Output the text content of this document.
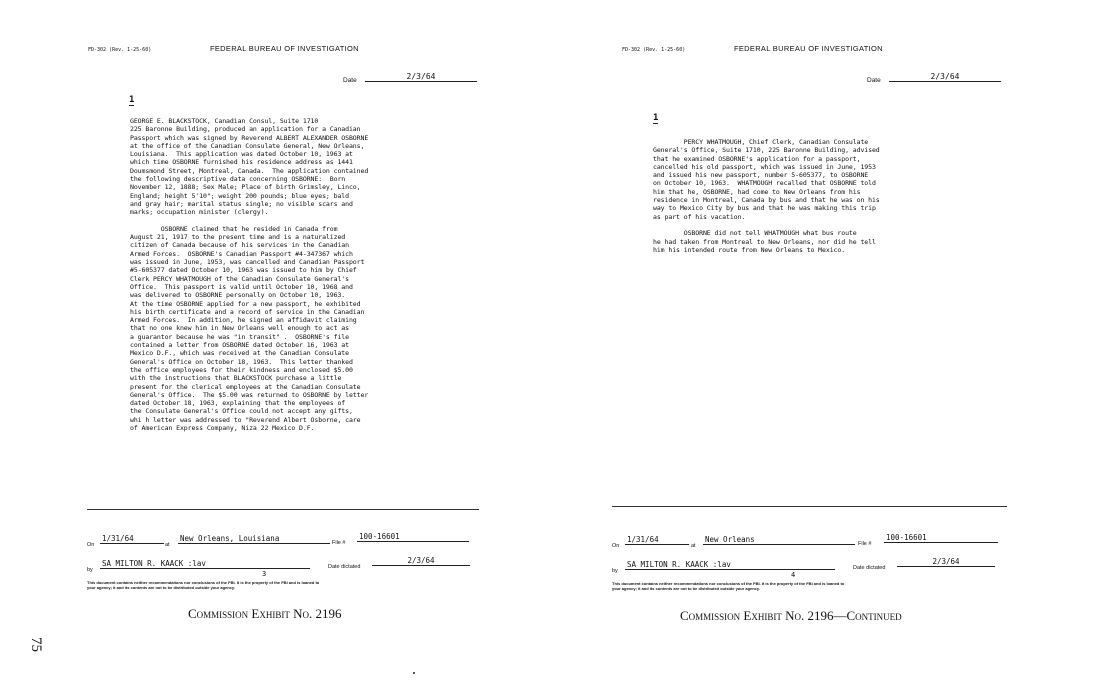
FD-302 (Rev. 1-25-60)	FEDERAL BUREAU OF INVESTIGATION
Date	2/3/64
1
GEORGE E. BLACKSTOCK, Canadian Consul, Suite 1710
225 Baronne Building, produced an application for a Canadian
Passport which was signed by Reverend ALBERT ALEXANDER OSBORNE
at the office of the Canadian Consulate General, New Orleans,
Louisiana.  This application was dated October 10, 1963 at
which time OSBORNE furnished his residence address as 1441
Doumsmond Street, Montreal, Canada.  The application contained
the following descriptive data concerning OSBORNE:  Born
November 12, 1888; Sex Male; Place of birth Grimsley, Linco,
England; height 5'10"; weight 200 pounds; blue eyes; bald
and gray hair; marital status single; no visible scars and
marks; occupation minister (clergy).

OSBORNE claimed that he resided in Canada from
August 21, 1917 to the present time and is a naturalized
citizen of Canada because of his services in the Canadian
Armed Forces.  OSBORNE's Canadian Passport #4-347367 which
was issued in June, 1953, was cancelled and Canadian Passport
#5-605377 dated October 10, 1963 was issued to him by Chief
Clerk PERCY WHATMOUGH of the Canadian Consulate General's
Office.  This passport is valid until October 10, 1968 and
was delivered to OSBORNE personally on October 10, 1963.
At the time OSBORNE applied for a new passport, he exhibited
his birth certificate and a record of service in the Canadian
Armed Forces.  In addition, he signed an affidavit claiming
that no one knew him in New Orleans well enough to act as
a guarantor because he was "in transit" .  OSBORNE's file
contained a letter from OSBORNE dated October 16, 1963 at
Mexico D.F., which was received at the Canadian Consulate
General's Office on October 18, 1963.  This letter thanked
the office employees for their kindness and enclosed $5.00
with the instructions that BLACKSTOCK purchase a little
present for the clerical employees at the Canadian Consulate
General's Office.  The $5.00 was returned to OSBORNE by letter
dated October 18, 1963, explaining that the employees of
the Consulate General's Office could not accept any gifts,
whi h letter was addressed to "Reverend Albert Osborne, care
of American Express Company, Niza 22 Mexico D.F.
On
1/31/64
at
New Orleans, Louisiana	File #
100-16601
by
SA MILTON R. KAACK :lav	Date dictated
2/3/64
3
This document contains neither recommendations nor conclusions of the FBI. It is the property of the FBI and is loaned to
your agency; it and its contents are not to be distributed outside your agency.
Commission Exhibit No. 2196
75
FD-302 (Rev. 1-25-60)	FEDERAL BUREAU OF INVESTIGATION
Date	2/3/64
1
PERCY WHATMOUGH, Chief Clerk, Canadian Consulate
General's Office, Suite 1710, 225 Baronne Building, advised
that he examined OSBORNE's application for a passport,
cancelled his old passport, which was issued in June, 1953
and issued his new passport, number 5-605377, to OSBORNE
on October 10, 1963.  WHATMOUGH recalled that OSBORNE told
him that he, OSBORNE, had come to New Orleans from his
residence in Montreal, Canada by bus and that he was on his
way to Mexico City by bus and that he was making this trip
as part of his vacation.

OSBORNE did not tell WHATMOUGH what bus route
he had taken from Montreal to New Orleans, nor did he tell
him his intended route from New Orleans to Mexico.
On
1/31/64
at
New Orleans	File #
100-16601
by
SA MILTON R. KAACK :lav	Date dictated
2/3/64
4
This document contains neither recommendations nor conclusions of the FBI. It is the property of the FBI and is loaned to
your agency; it and its contents are not to be distributed outside your agency.
Commission Exhibit No. 2196—Continued
